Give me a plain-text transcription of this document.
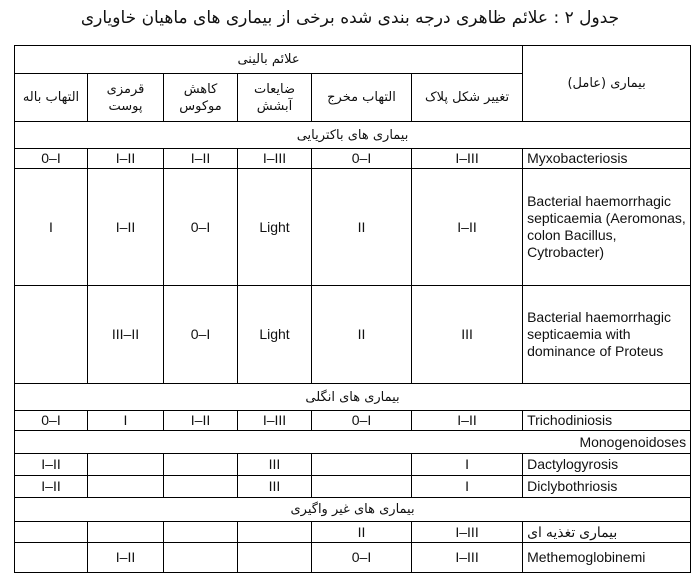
جدول ۲ : علائم ظاهری درجه بندی شده برخی از بیماری های ماهیان خاویاری
علائم بالینی						بیماری (عامل)
التهاب باله	قرمزی پوست	کاهش موکوس	ضایعات آبشش	التهاب مخرج	تغییر شکل پلاک	
بیماری های باکتریایی						
0–I	I–II	I–II	I–III	0–I	I–III	Myxobacteriosis
I	I–II	0–I	Light	II	I–II	Bacterial haemorrhagic septicaemia (Aeromonas, colon Bacillus, Cytrobacter)
	III–II	0–I	Light	II	III	Bacterial haemorrhagic septicaemia with dominance of Proteus
بیماری های انگلی						
0–I	I	I–II	I–III	0–I	I–II	Trichodiniosis
Monogenoidoses						
I–II			III		I	Dactylogyrosis
I–II			III		I	Diclybothriosis
بیماری های غیر واگیری						
				II	I–III	بیماری تغذیه ای
	I–II			0–I	I–III	Methemoglobinemi
